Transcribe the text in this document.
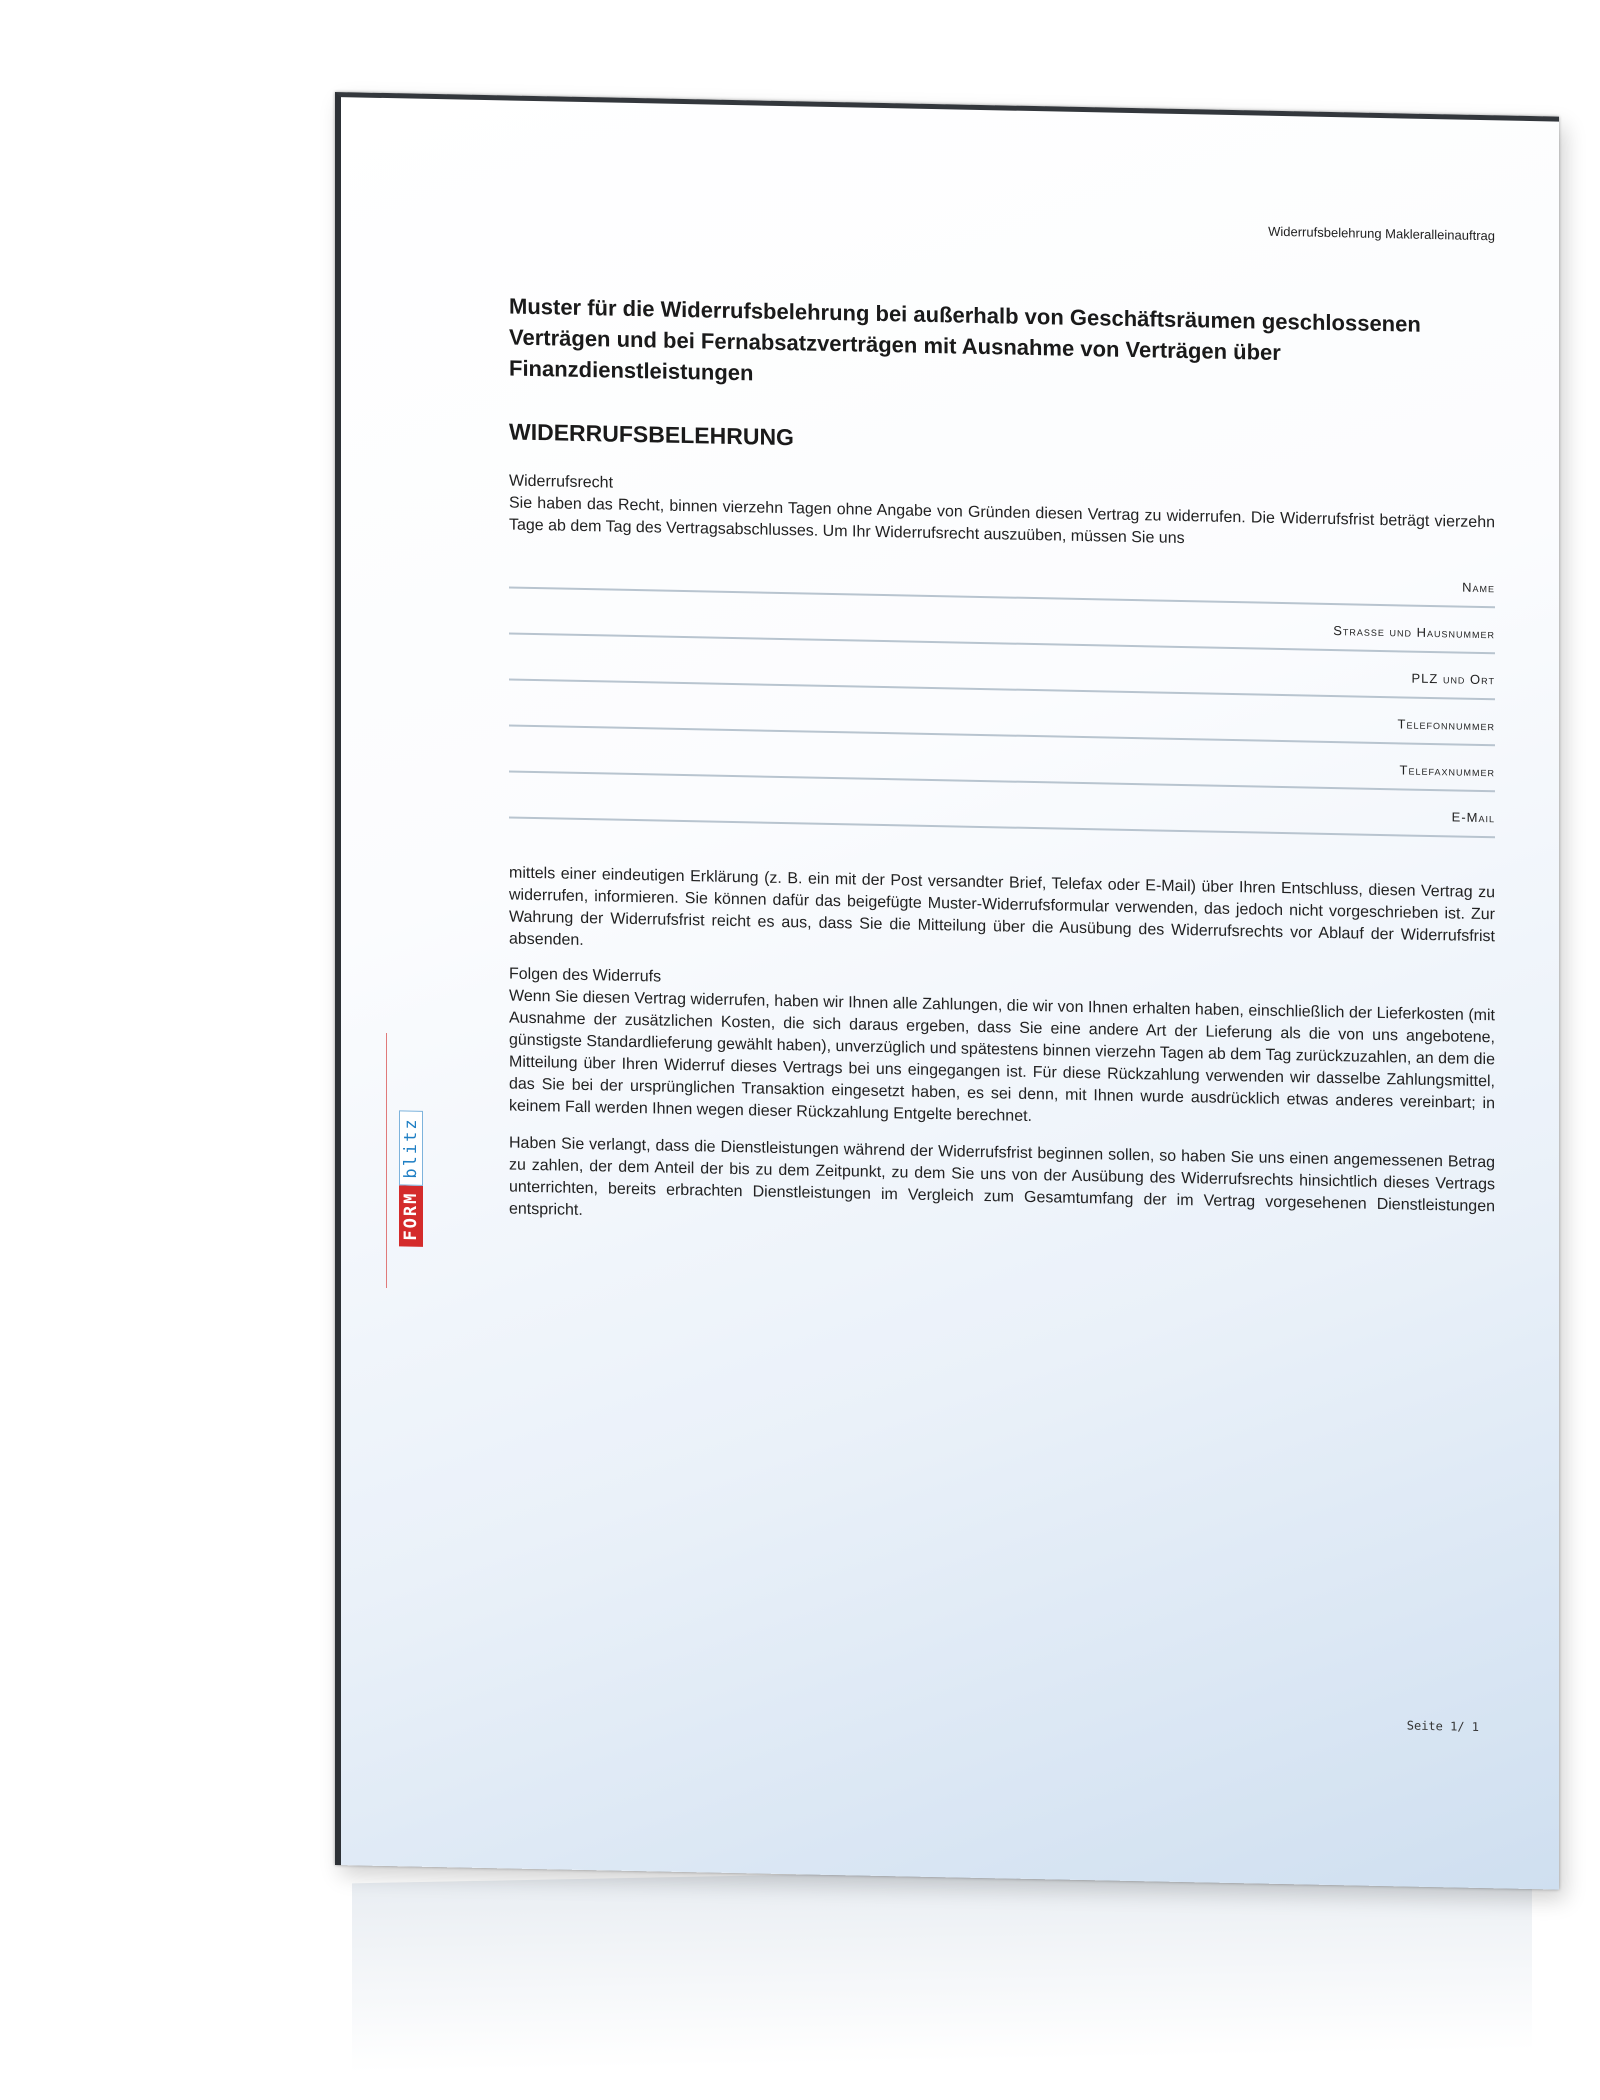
FORM
blitz
Widerrufsbelehrung Makleralleinauftrag
Muster für die Widerrufsbelehrung bei außerhalb von Geschäftsräumen geschlossenen Verträgen und bei Fernabsatzverträgen mit Ausnahme von Verträgen über Finanzdienstleistungen
WIDERRUFSBELEHRUNG

Widerrufsrecht
Sie haben das Recht, binnen vierzehn Tagen ohne Angabe von Gründen diesen Vertrag zu widerrufen. Die Widerrufsfrist beträgt vierzehn Tage ab dem Tag des Vertragsabschlusses. Um Ihr Widerrufsrecht auszuüben, müssen Sie uns

Name
Strasse und Hausnummer
PLZ und Ort
Telefonnummer
Telefaxnummer
E-Mail

mittels einer eindeutigen Erklärung (z. B. ein mit der Post versandter Brief, Telefax oder E-Mail) über Ihren Entschluss, diesen Vertrag zu widerrufen, informieren. Sie können dafür das beigefügte Muster-Widerrufsformular verwenden, das jedoch nicht vorgeschrieben ist. Zur Wahrung der Widerrufsfrist reicht es aus, dass Sie die Mitteilung über die Ausübung des Widerrufsrechts vor Ablauf der Widerrufsfrist absenden.

Folgen des Widerrufs
Wenn Sie diesen Vertrag widerrufen, haben wir Ihnen alle Zahlungen, die wir von Ihnen erhalten haben, einschließlich der Lieferkosten (mit Ausnahme der zusätzlichen Kosten, die sich daraus ergeben, dass Sie eine andere Art der Lieferung als die von uns angebotene, günstigste Standardlieferung gewählt haben), unverzüglich und spätestens binnen vierzehn Tagen ab dem Tag zurückzuzahlen, an dem die Mitteilung über Ihren Widerruf dieses Vertrags bei uns eingegangen ist. Für diese Rückzahlung verwenden wir dasselbe Zahlungsmittel, das Sie bei der ursprünglichen Transaktion eingesetzt haben, es sei denn, mit Ihnen wurde ausdrücklich etwas anderes vereinbart; in keinem Fall werden Ihnen wegen dieser Rückzahlung Entgelte berechnet.

Haben Sie verlangt, dass die Dienstleistungen während der Widerrufsfrist beginnen sollen, so haben Sie uns einen angemessenen Betrag zu zahlen, der dem Anteil der bis zu dem Zeitpunkt, zu dem Sie uns von der Ausübung des Widerrufsrechts hinsichtlich dieses Vertrags unterrichten, bereits erbrachten Dienstleistungen im Vergleich zum Gesamtumfang der im Vertrag vorgesehenen Dienstleistungen entspricht.

Seite 1/ 1
